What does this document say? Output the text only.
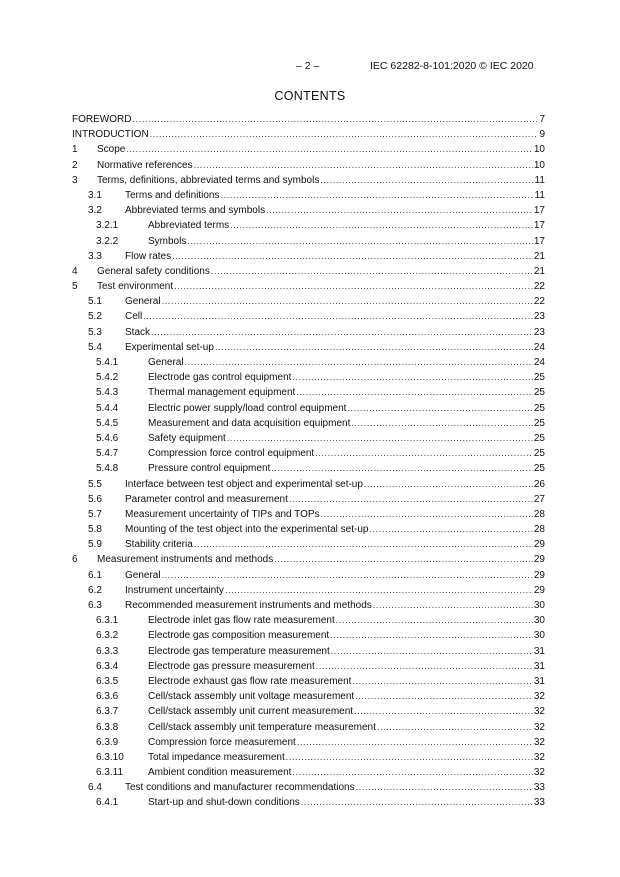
– 2 –	IEC 62282-8-101:2020 © IEC 2020
CONTENTS
FOREWORD .....	7
INTRODUCTION .....	9
1	Scope .....	10
2	Normative references .....	10
3	Terms, definitions, abbreviated terms and symbols .....	11
3.1	Terms and definitions .....	11
3.2	Abbreviated terms and symbols .....	17
3.2.1	Abbreviated terms .....	17
3.2.2	Symbols .....	17
3.3	Flow rates .....	21
4	General safety conditions .....	21
5	Test environment .....	22
5.1	General .....	22
5.2	Cell .....	23
5.3	Stack .....	23
5.4	Experimental set-up .....	24
5.4.1	General .....	24
5.4.2	Electrode gas control equipment .....	25
5.4.3	Thermal management equipment .....	25
5.4.4	Electric power supply/load control equipment .....	25
5.4.5	Measurement and data acquisition equipment .....	25
5.4.6	Safety equipment .....	25
5.4.7	Compression force control equipment .....	25
5.4.8	Pressure control equipment .....	25
5.5	Interface between test object and experimental set-up .....	26
5.6	Parameter control and measurement .....	27
5.7	Measurement uncertainty of TIPs and TOPs .....	28
5.8	Mounting of the test object into the experimental set-up .....	28
5.9	Stability criteria .....	29
6	Measurement instruments and methods .....	29
6.1	General .....	29
6.2	Instrument uncertainty .....	29
6.3	Recommended measurement instruments and methods .....	30
6.3.1	Electrode inlet gas flow rate measurement .....	30
6.3.2	Electrode gas composition measurement .....	30
6.3.3	Electrode gas temperature measurement .....	31
6.3.4	Electrode gas pressure measurement .....	31
6.3.5	Electrode exhaust gas flow rate measurement .....	31
6.3.6	Cell/stack assembly unit voltage measurement .....	32
6.3.7	Cell/stack assembly unit current measurement .....	32
6.3.8	Cell/stack assembly unit temperature measurement .....	32
6.3.9	Compression force measurement .....	32
6.3.10	Total impedance measurement .....	32
6.3.11	Ambient condition measurement .....	32
6.4	Test conditions and manufacturer recommendations .....	33
6.4.1	Start-up and shut-down conditions .....	33
